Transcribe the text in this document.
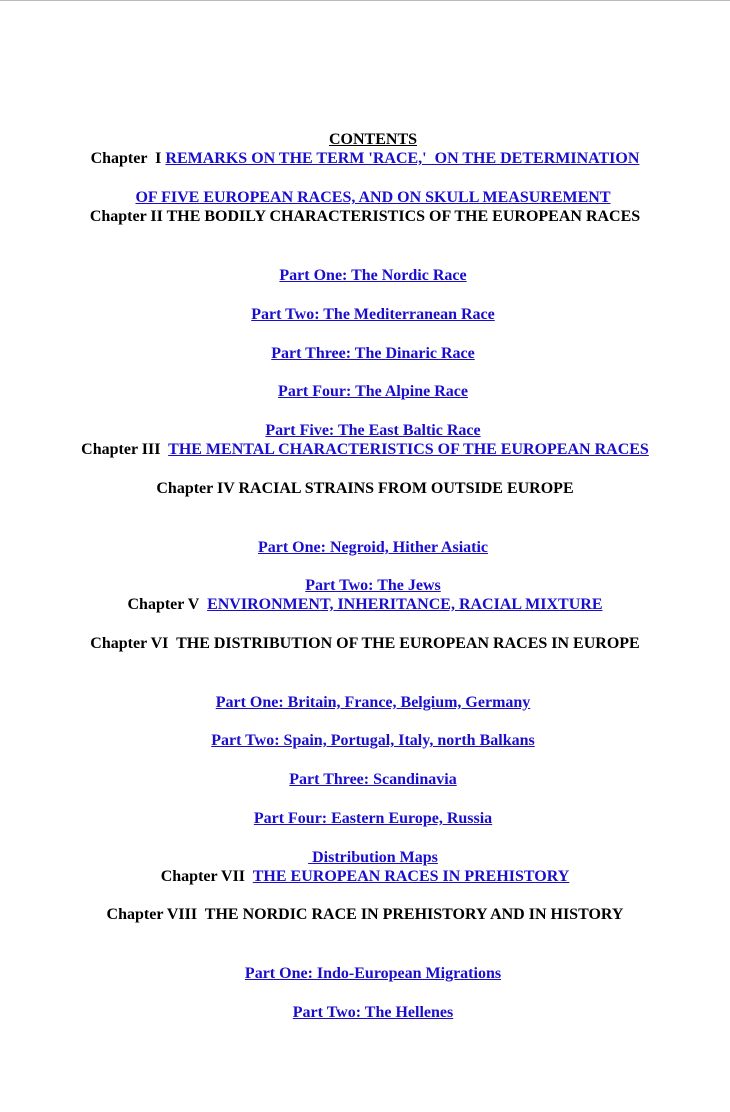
CONTENTS

Chapter  I REMARKS ON THE TERM 'RACE,'  ON THE DETERMINATION

OF FIVE EUROPEAN RACES, AND ON SKULL MEASUREMENT

Chapter II THE BODILY CHARACTERISTICS OF THE EUROPEAN RACES

Part One: The Nordic Race

Part Two: The Mediterranean Race

Part Three: The Dinaric Race

Part Four: The Alpine Race

Part Five: The East Baltic Race

Chapter III  THE MENTAL CHARACTERISTICS OF THE EUROPEAN RACES
Chapter IV RACIAL STRAINS FROM OUTSIDE EUROPE

Part One: Negroid, Hither Asiatic

Part Two: The Jews

Chapter V  ENVIRONMENT, INHERITANCE, RACIAL MIXTURE
Chapter VI  THE DISTRIBUTION OF THE EUROPEAN RACES IN EUROPE

Part One: Britain, France, Belgium, Germany

Part Two: Spain, Portugal, Italy, north Balkans

Part Three: Scandinavia

Part Four: Eastern Europe, Russia

Distribution Maps

Chapter VII  THE EUROPEAN RACES IN PREHISTORY
Chapter VIII  THE NORDIC RACE IN PREHISTORY AND IN HISTORY

Part One: Indo-European Migrations

Part Two: The Hellenes
